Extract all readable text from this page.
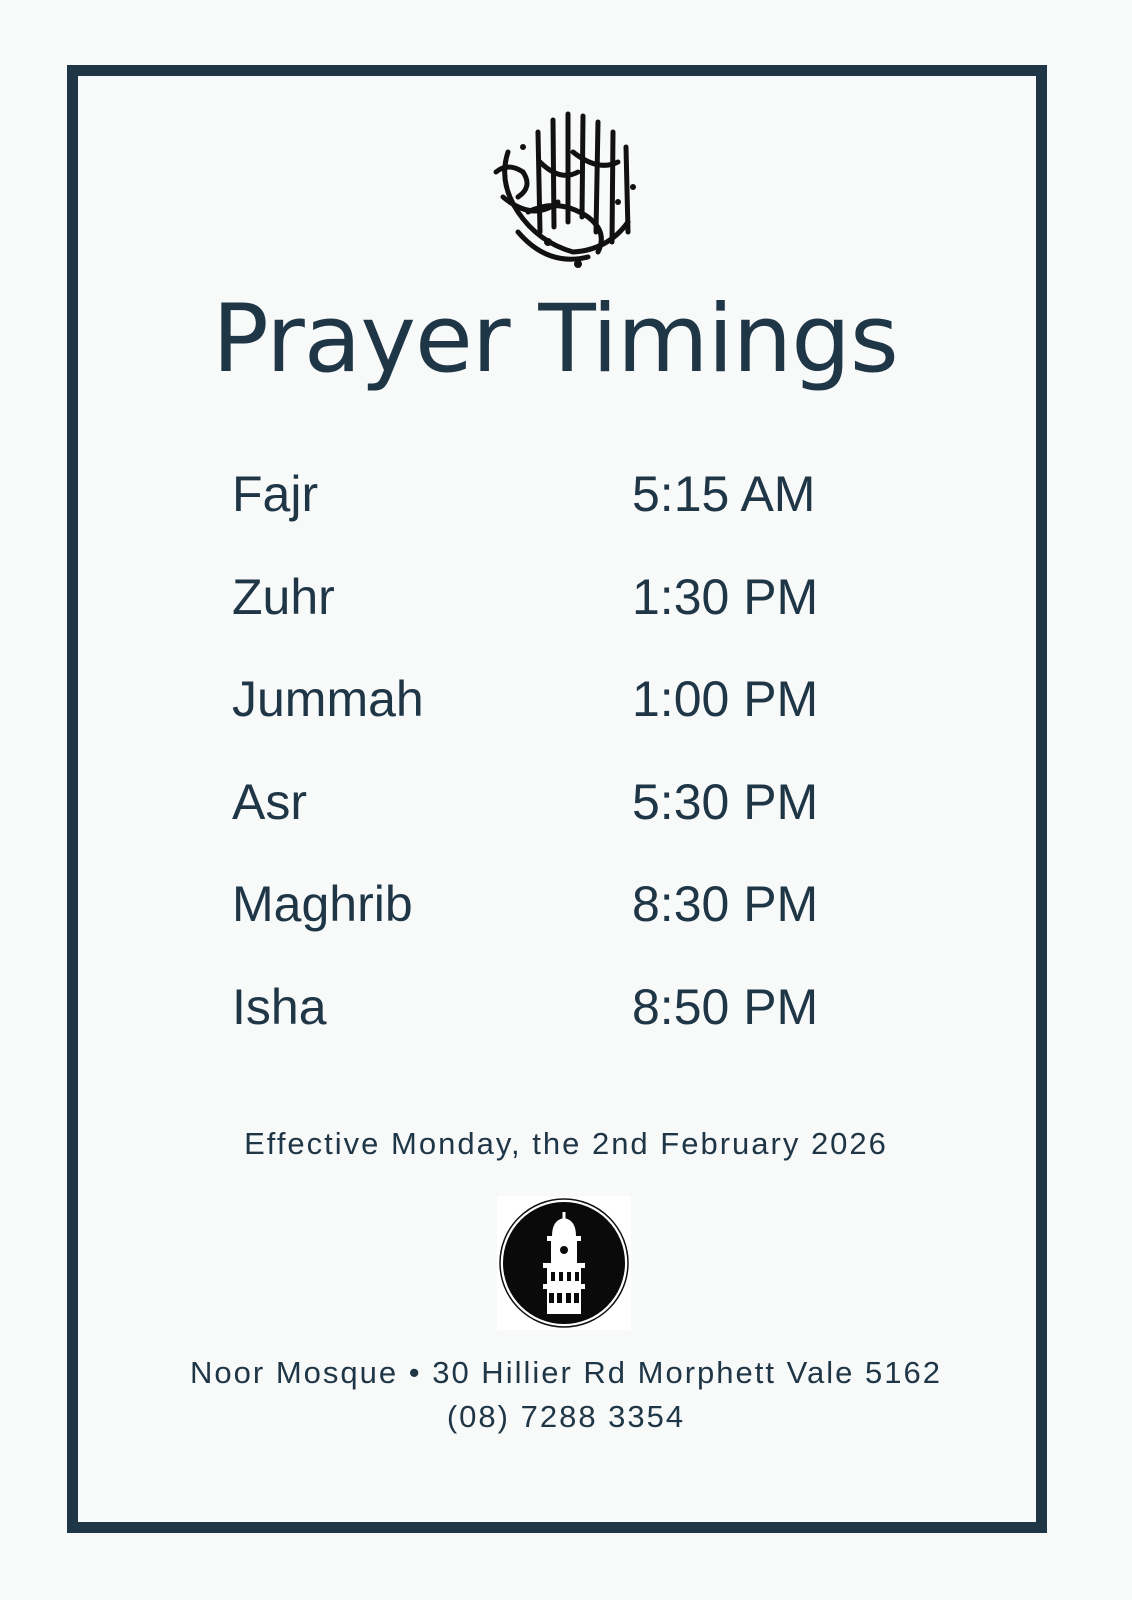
Prayer Timings
Fajr	5:15 AM
Zuhr	1:30 PM
Jummah	1:00 PM
Asr	5:30 PM
Maghrib	8:30 PM
Isha	8:50 PM
Effective Monday, the 2nd February 2026
Noor Mosque • 30 Hillier Rd Morphett Vale 5162
(08) 7288 3354
